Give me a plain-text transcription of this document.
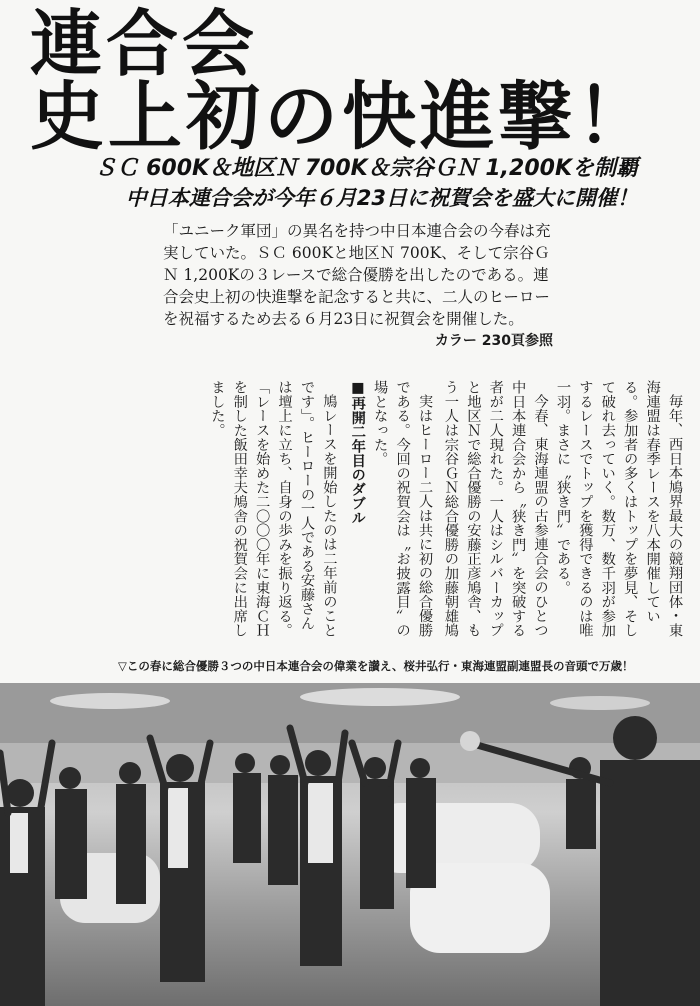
連合会
史上初の快進撃！
ＳＣ 600K＆地区Ｎ 700K＆宗谷ＧＮ 1,200Kを制覇
中日本連合会が今年６月23日に祝賀会を盛大に開催！

「ユニーク軍団」の異名を持つ中日本連合会の今春は充実していた。ＳＣ 600Kと地区Ｎ 700K、そして宗谷ＧＮ 1,200Kの３レースで総合優勝を出したのである。連合会史上初の快進撃を記念すると共に、二人のヒーローを祝福するため去る６月23日に祝賀会を開催した。

カラー 230頁参照

毎年、西日本鳩界最大の競翔団体・東海連盟は春季レースを八本開催している。参加者の多くはトップを夢見、そして破れ去っていく。数万、数千羽が参加するレースでトップを獲得できるのは唯一羽。まさに〝狭き門〟である。

今春、東海連盟の古参連合会のひとつ中日本連合会から〝狭き門〟を突破する者が二人現れた。一人はシルバーカップと地区Ｎで総合優勝の安藤正彦鳩舎、もう一人は宗谷ＧＮ総合優勝の加藤朝雄鳩

実はヒーロー二人は共に初の総合優勝である。今回の祝賀会は〝お披露目〟の場となった。

■再開二年目のダブル

鳩レースを開始したのは二年前のことです」。ヒーローの一人である安藤さんは壇上に立ち、自身の歩みを振り返る。「レースを始めた二〇〇〇年に東海ＣＨを制した飯田幸夫鳩舎の祝賀会に出席しました。

▽この春に総合優勝３つの中日本連合会の偉業を讃え、桜井弘行・東海連盟副連盟長の音頭で万歳！
